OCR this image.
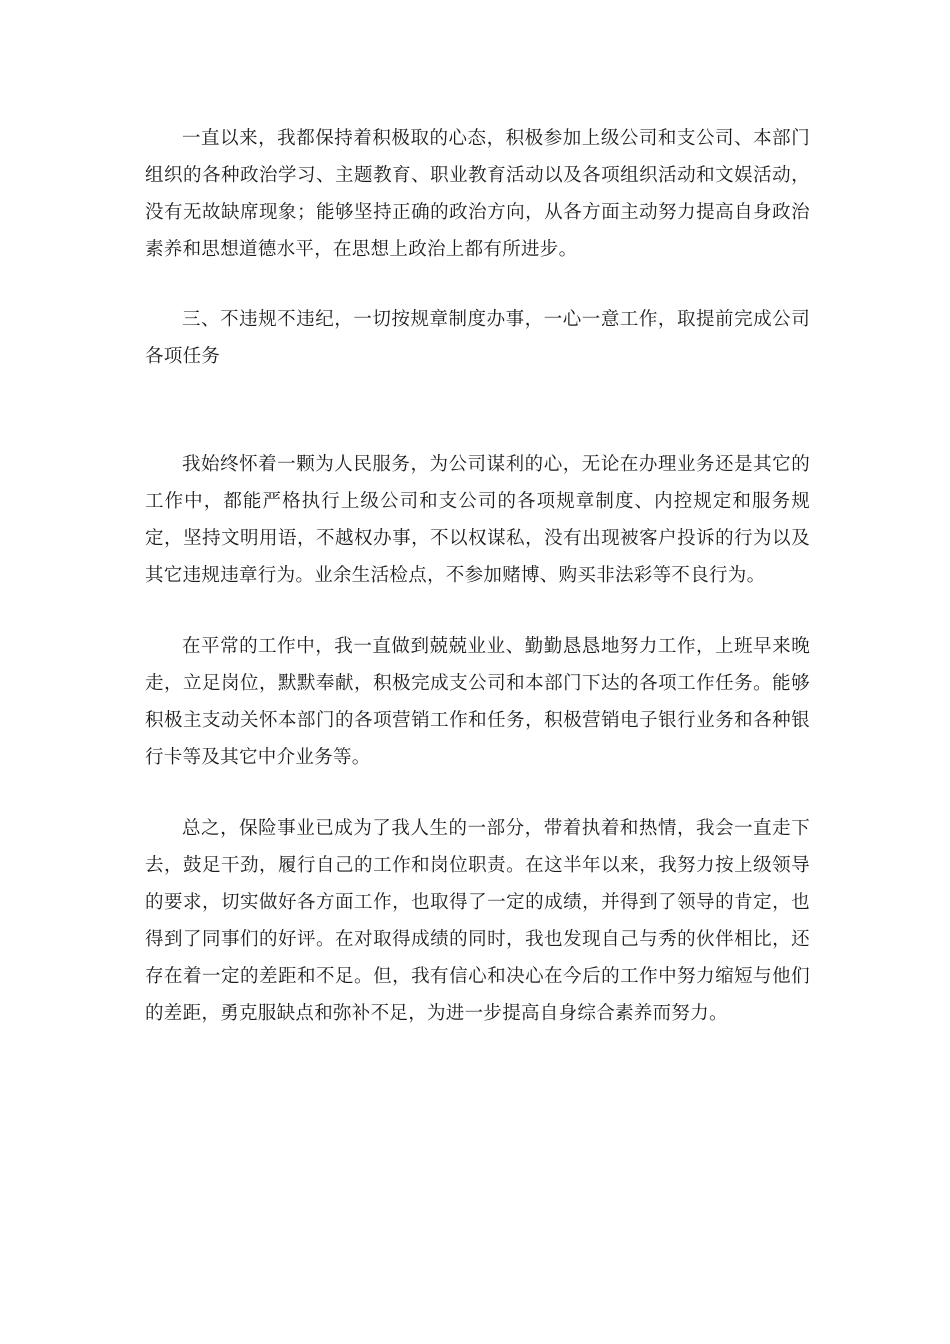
一直以来，我都保持着积极取的心态，积极参加上级公司和支公司、本部门组织的各种政治学习、主题教育、职业教育活动以及各项组织活动和文娱活动，没有无故缺席现象；能够坚持正确的政治方向，从各方面主动努力提高自身政治素养和思想道德水平，在思想上政治上都有所进步。

三、不违规不违纪，一切按规章制度办事，一心一意工作，取提前完成公司各项任务

我始终怀着一颗为人民服务，为公司谋利的心，无论在办理业务还是其它的工作中，都能严格执行上级公司和支公司的各项规章制度、内控规定和服务规定，坚持文明用语，不越权办事，不以权谋私，没有出现被客户投诉的行为以及其它违规违章行为。业余生活检点，不参加赌博、购买非法彩等不良行为。

在平常的工作中，我一直做到兢兢业业、勤勤恳恳地努力工作，上班早来晚走，立足岗位，默默奉献，积极完成支公司和本部门下达的各项工作任务。能够积极主支动关怀本部门的各项营销工作和任务，积极营销电子银行业务和各种银行卡等及其它中介业务等。

总之，保险事业已成为了我人生的一部分，带着执着和热情，我会一直走下去，鼓足干劲，履行自己的工作和岗位职责。在这半年以来，我努力按上级领导的要求，切实做好各方面工作，也取得了一定的成绩，并得到了领导的肯定，也得到了同事们的好评。在对取得成绩的同时，我也发现自己与秀的伙伴相比，还存在着一定的差距和不足。但，我有信心和决心在今后的工作中努力缩短与他们的差距，勇克服缺点和弥补不足，为进一步提高自身综合素养而努力。
